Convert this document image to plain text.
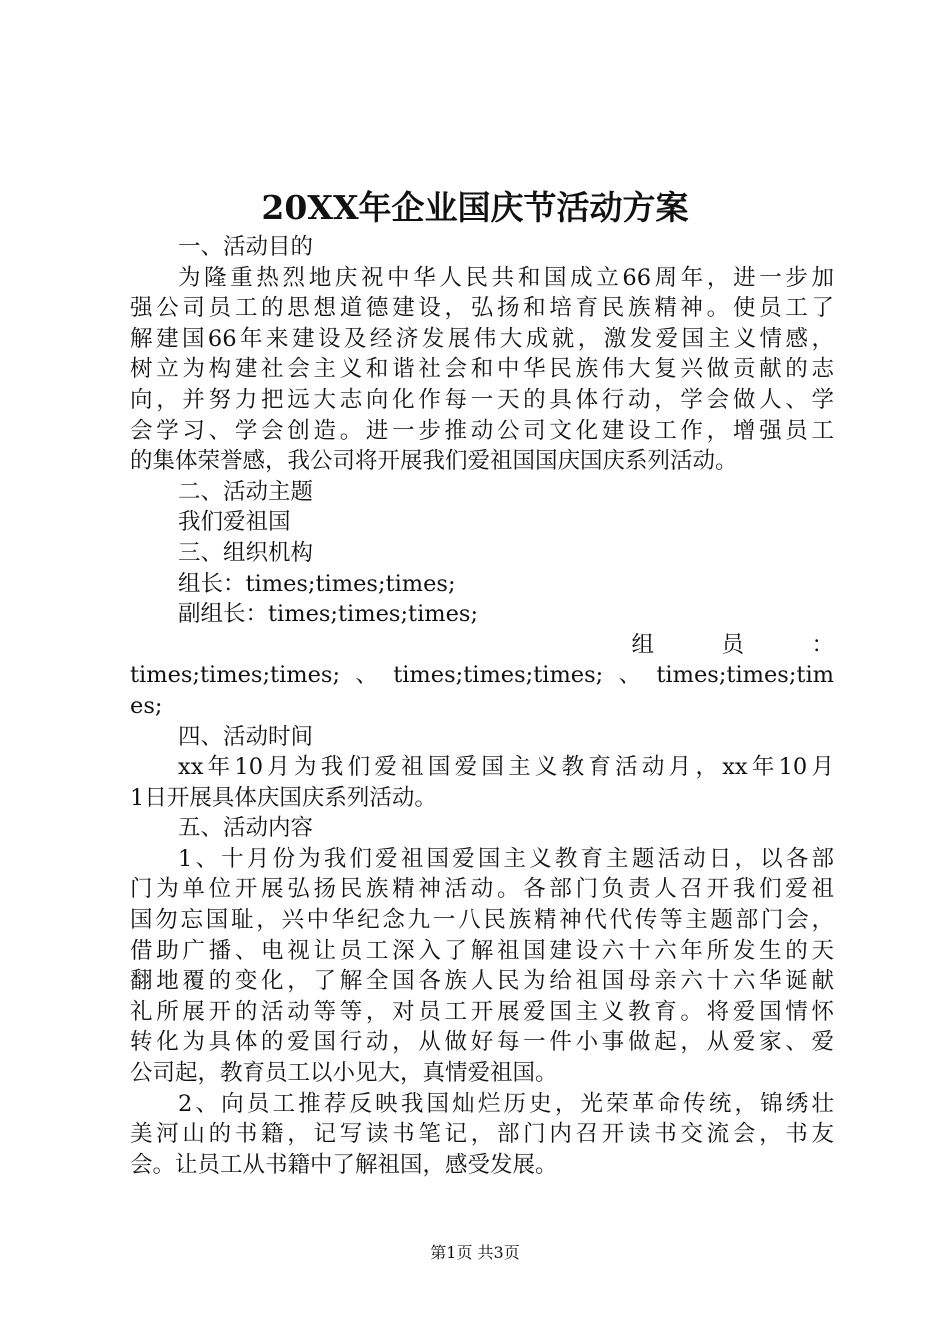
20XX年企业国庆节活动方案
一、活动目的
为隆重热烈地庆祝中华人民共和国成立66周年，进一步加
强公司员工的思想道德建设，弘扬和培育民族精神。使员工了
解建国66年来建设及经济发展伟大成就，激发爱国主义情感，
树立为构建社会主义和谐社会和中华民族伟大复兴做贡献的志
向，并努力把远大志向化作每一天的具体行动，学会做人、学
会学习、学会创造。进一步推动公司文化建设工作，增强员工
的集体荣誉感，我公司将开展我们爱祖国国庆国庆系列活动。
二、活动主题
我们爱祖国
三、组织机构
组长：times;times;times;
副组长：times;times;times;
组　　　员　　　：
times;times;times;、times;times;times;、times;times;tim
es;
四、活动时间
xx年10月为我们爱祖国爱国主义教育活动月，xx年10月
1日开展具体庆国庆系列活动。
五、活动内容
1、十月份为我们爱祖国爱国主义教育主题活动日，以各部
门为单位开展弘扬民族精神活动。各部门负责人召开我们爱祖
国勿忘国耻，兴中华纪念九一八民族精神代代传等主题部门会，
借助广播、电视让员工深入了解祖国建设六十六年所发生的天
翻地覆的变化，了解全国各族人民为给祖国母亲六十六华诞献
礼所展开的活动等等，对员工开展爱国主义教育。将爱国情怀
转化为具体的爱国行动，从做好每一件小事做起，从爱家、爱
公司起，教育员工以小见大，真情爱祖国。
2、向员工推荐反映我国灿烂历史，光荣革命传统，锦绣壮
美河山的书籍，记写读书笔记，部门内召开读书交流会，书友
会。让员工从书籍中了解祖国，感受发展。
第1页 共3页
